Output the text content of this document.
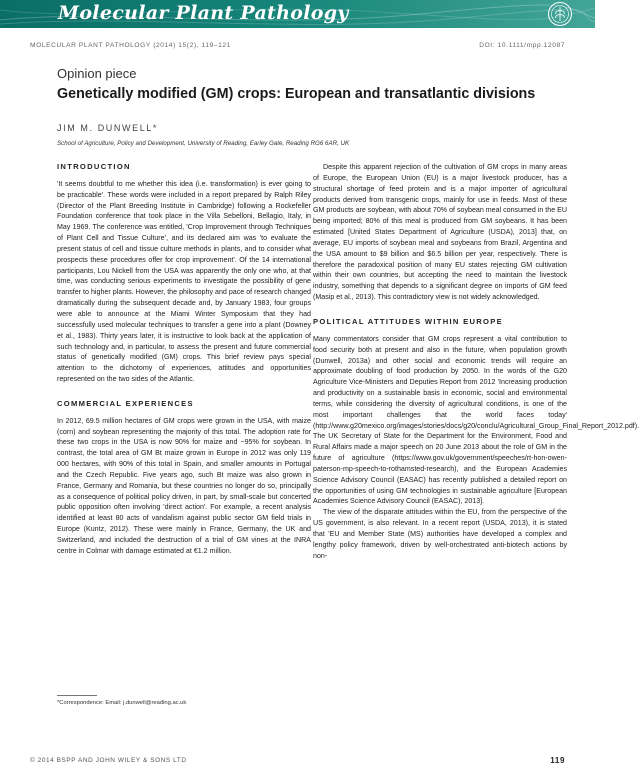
Molecular Plant Pathology
MOLECULAR PLANT PATHOLOGY (2014) 15(2), 119–121	DOI: 10.1111/mpp.12087
Opinion piece
Genetically modified (GM) crops: European and transatlantic divisions
JIM M. DUNWELL*
School of Agriculture, Policy and Development, University of Reading, Earley Gate, Reading RG6 6AR, UK
INTRODUCTION

'It seems doubtful to me whether this idea (i.e. transformation) is ever going to be practicable'. These words were included in a report prepared by Ralph Riley (Director of the Plant Breeding Institute in Cambridge) following a Rockefeller Foundation conference that took place in the Villa Sebelloni, Bellagio, Italy, in May 1969. The conference was entitled, 'Crop Improvement through Techniques of Plant Cell and Tissue Culture', and its declared aim was 'to evaluate the present status of cell and tissue culture methods in plants, and to consider what prospects these procedures offer for crop improvement'. Of the 14 international participants, Lou Nickell from the USA was apparently the only one who, at that time, was conducting serious experiments to investigate the possibility of gene transfer to higher plants. However, the philosophy and pace of research changed dramatically during the subsequent decade and, by January 1983, four groups were able to announce at the Miami Winter Symposium that they had successfully used molecular techniques to transfer a gene into a plant (Downey et al., 1983). Thirty years later, it is instructive to look back at the application of such technology and, in particular, to assess the present and future commercial status of genetically modified (GM) crops. This brief review pays special attention to the dichotomy of experiences, attitudes and opportunities represented on the two sides of the Atlantic.

COMMERCIAL EXPERIENCES

In 2012, 69.5 million hectares of GM crops were grown in the USA, with maize (corn) and soybean representing the majority of this total. The adoption rate for these two crops in the USA is now 90% for maize and ~95% for soybean. In contrast, the total area of GM Bt maize grown in Europe in 2012 was only 119 000 hectares, with 90% of this total in Spain, and smaller amounts in Portugal and the Czech Republic. Five years ago, such Bt maize was also grown in France, Germany and Romania, but these countries no longer do so, principally as a consequence of political policy driven, in part, by small-scale but concerted public opposition often involving 'direct action'. For example, a recent analysis identified at least 80 acts of vandalism against public sector GM field trials in Europe (Kuntz, 2012). These were mainly in France, Germany, the UK and Switzerland, and included the destruction of a trial of GM vines at the INRA centre in Colmar with damage estimated at €1.2 million.

Despite this apparent rejection of the cultivation of GM crops in many areas of Europe, the European Union (EU) is a major livestock producer, has a structural shortage of feed protein and is a major importer of agricultural products derived from transgenic crops, mainly for use in feeds. Most of these GM products are soybean, with about 70% of soybean meal consumed in the EU being imported; 80% of this meal is produced from GM soybeans. It has been estimated [United States Department of Agriculture (USDA), 2013] that, on average, EU imports of soybean meal and soybeans from Brazil, Argentina and the USA amount to $9 billion and $6.5 billion per year, respectively. There is therefore the paradoxical position of many EU states rejecting GM cultivation within their own countries, but accepting the need to maintain the livestock industry, something that depends to a significant degree on imports of GM feed (Masip et al., 2013). This contradictory view is not widely acknowledged.

POLITICAL ATTITUDES WITHIN EUROPE

Many commentators consider that GM crops represent a vital contribution to food security both at present and also in the future, when population growth (Dunwell, 2013a) and other social and economic trends will require an approximate doubling of food production by 2050. In the words of the G20 Agriculture Vice-Ministers and Deputies Report from 2012 'Increasing production and productivity on a sustainable basis in economic, social and environmental terms, while considering the diversity of agricultural conditions, is one of the most important challenges that the world faces today' (http://www.g20mexico.org/images/stories/docs/g20/conclu/Agricultural_Group_Final_Report_2012.pdf). The UK Secretary of State for the Department for the Environment, Food and Rural Affairs made a major speech on 20 June 2013 about the role of GM in the future of agriculture (https://www.gov.uk/government/speeches/rt-hon-owen-paterson-mp-speech-to-rothamsted-research), and the European Academies Science Advisory Council (EASAC) has recently published a detailed report on the opportunities of using GM technologies in sustainable agriculture [European Academies Science Advisory Council (EASAC), 2013].

The view of the disparate attitudes within the EU, from the perspective of the US government, is also relevant. In a recent report (USDA, 2013), it is stated that 'EU and Member State (MS) authorities have developed a complex and lengthy policy framework, driven by well-orchestrated anti-biotech actions by non-

*Correspondence: Email: j.dunwell@reading.ac.uk
© 2014 BSPP AND JOHN WILEY & SONS LTD	119
